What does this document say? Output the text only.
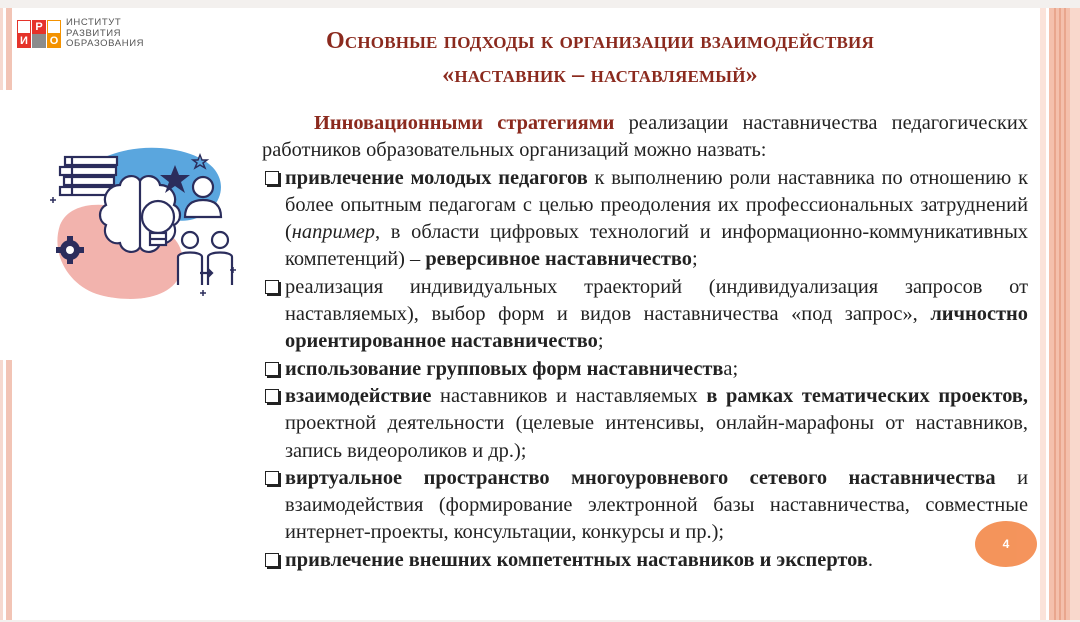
И
Р
О
ИНСТИТУТ
РАЗВИТИЯ
ОБРАЗОВАНИЯ	Основные подходы к организации взаимодействия
«наставник – наставляемый»

Инновационными стратегиями реализации наставничества педагогических работников образовательных организаций можно назвать:

привлечение молодых педагогов к выполнению роли наставника по отношению к более опытным педагогам с целью преодоления их профессиональных затруднений (например, в области цифровых технологий и информационно-коммуникативных компетенций) – реверсивное наставничество;
реализация индивидуальных траекторий (индивидуализация запросов от наставляемых), выбор форм и видов наставничества «под запрос», личностно ориентированное наставничество;
использование групповых форм наставничества;
взаимодействие наставников и наставляемых в рамках тематических проектов, проектной деятельности (целевые интенсивы, онлайн-марафоны от наставников, запись видеороликов и др.);
виртуальное пространство многоуровневого сетевого наставничества и взаимодействия (формирование электронной базы наставничества, совместные интернет-проекты, консультации, конкурсы и пр.);
привлечение внешних компетентных наставников и экспертов.
4
